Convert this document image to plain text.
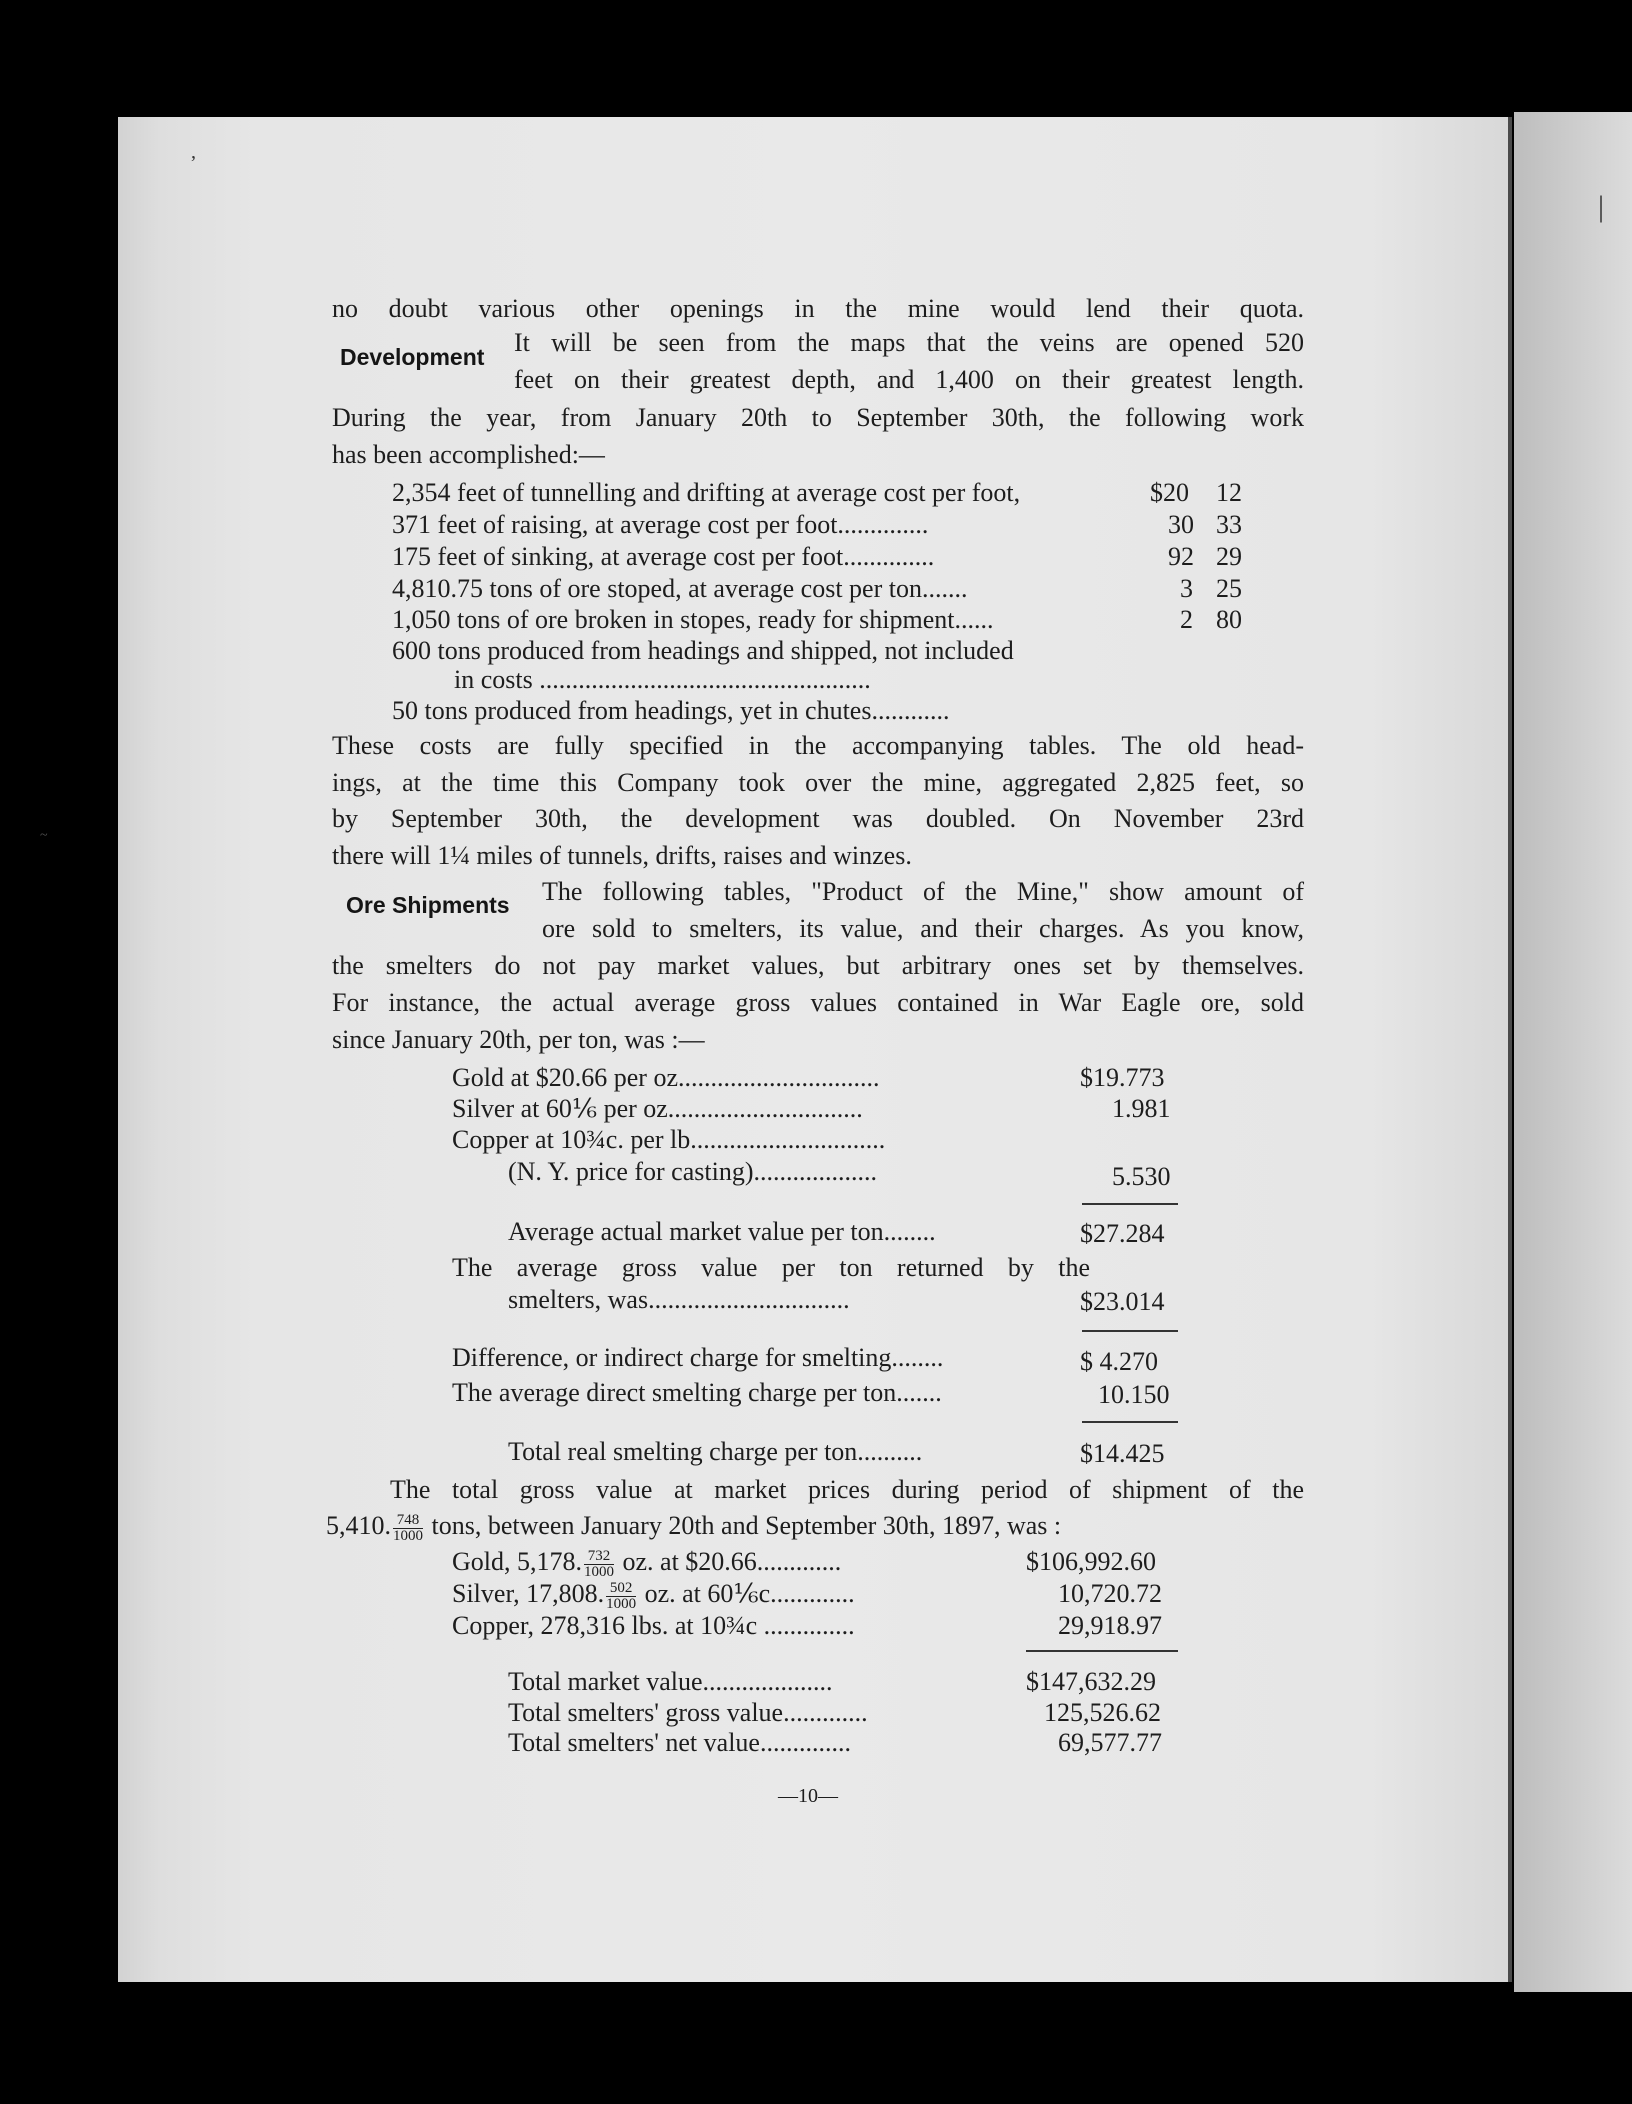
no doubt various other openings in the mine would lend their quota.
Development It will be seen from the maps that the veins are opened 520
feet on their greatest depth, and 1,400 on their greatest length.
During the year, from January 20th to September 30th, the following work
has been accomplished:—
2,354 feet of tunnelling and drifting at average cost per foot,	$20 12
371 feet of raising, at average cost per foot..............	30 33
175 feet of sinking, at average cost per foot..............	92 29
4,810.75 tons of ore stoped, at average cost per ton.......	3 25
1,050 tons of ore broken in stopes, ready for shipment......	2 80
600 tons produced from headings and shipped, not included
in costs ...................................................
50 tons produced from headings, yet in chutes............
These costs are fully specified in the accompanying tables. The old head-
ings, at the time this Company took over the mine, aggregated 2,825 feet, so
by September 30th, the development was doubled. On November 23rd
there will 1¼ miles of tunnels, drifts, raises and winzes.
Ore Shipments The following tables, "Product of the Mine," show amount of
ore sold to smelters, its value, and their charges. As you know,
the smelters do not pay market values, but arbitrary ones set by themselves.
For instance, the actual average gross values contained in War Eagle ore, sold
since January 20th, per ton, was :—
Gold at $20.66 per oz...............................	$19.773
Silver at 60⅙ per oz..............................	1.981
Copper at 10¾c. per lb..............................
(N. Y. price for casting)...................	5.530
Average actual market value per ton........	$27.284
The average gross value per ton returned by the
smelters, was...............................	$23.014
Difference, or indirect charge for smelting........	$ 4.270
The average direct smelting charge per ton.......	10.150
Total real smelting charge per ton..........	$14.425
The total gross value at market prices during period of shipment of the
5,410. $\frac{748}{1000}$ tons, between January 20th and September 30th, 1897, was :
Gold, 5,178. $\frac{732}{1000}$ oz. at $20.66.............	$106,992.60
Silver, 17,808. $\frac{502}{1000}$ oz. at 60⅙c.............	10,720.72
Copper, 278,316 lbs. at 10¾c ..............	29,918.97
Total market value....................	$147,632.29
Total smelters' gross value.............	125,526.62
Total smelters' net value..............	69,577.77
—10—
’
|
~
